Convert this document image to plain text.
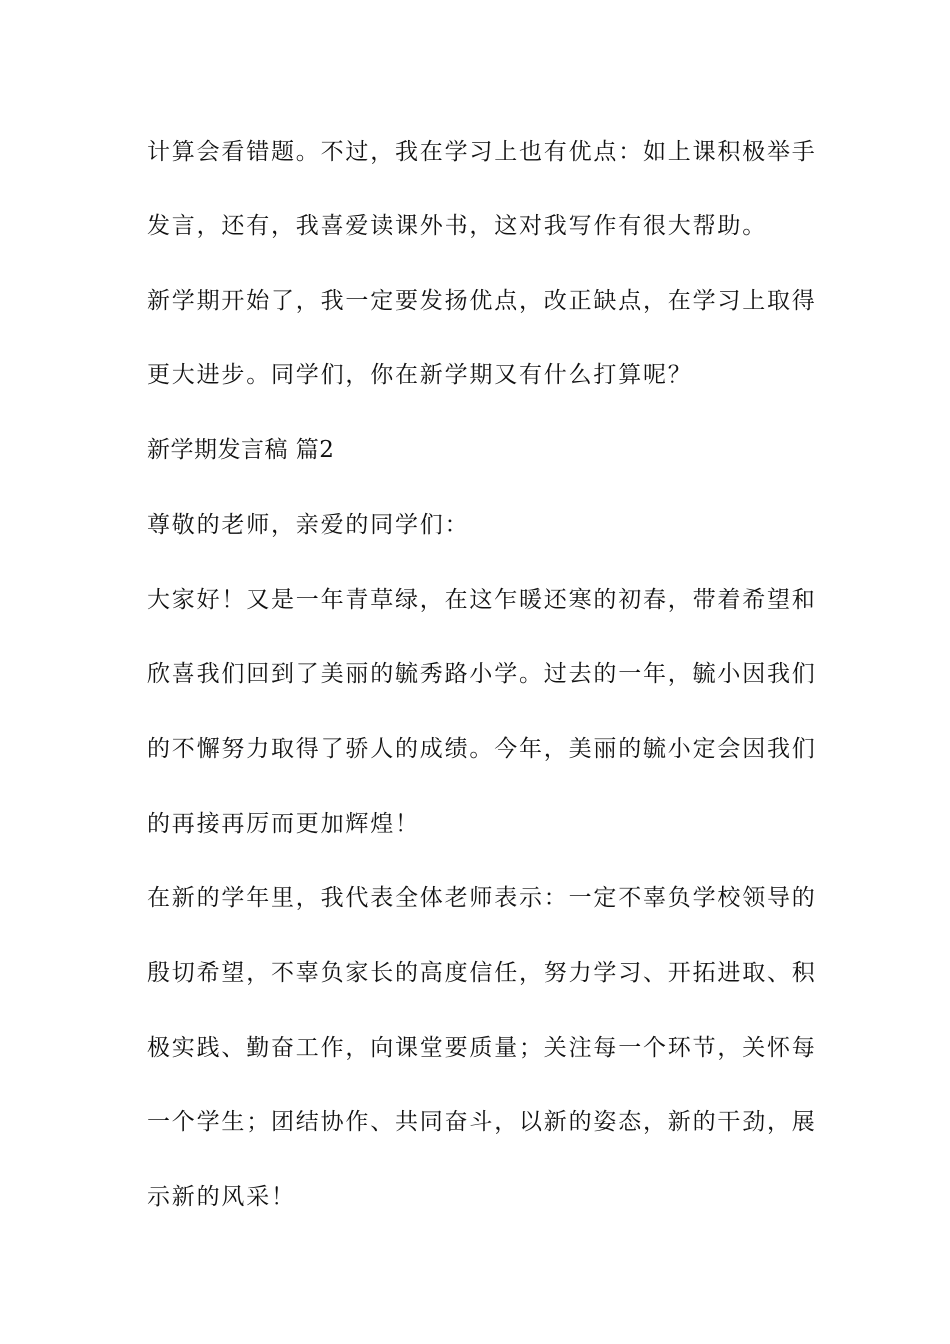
计算会看错题。不过，我在学习上也有优点：如上课积极举手
发言，还有，我喜爱读课外书，这对我写作有很大帮助。
新学期开始了，我一定要发扬优点，改正缺点，在学习上取得
更大进步。同学们，你在新学期又有什么打算呢？
新学期发言稿 篇2
尊敬的老师，亲爱的同学们：
大家好！又是一年青草绿，在这乍暖还寒的初春，带着希望和
欣喜我们回到了美丽的毓秀路小学。过去的一年，毓小因我们
的不懈努力取得了骄人的成绩。今年，美丽的毓小定会因我们
的再接再厉而更加辉煌！
在新的学年里，我代表全体老师表示：一定不辜负学校领导的
殷切希望，不辜负家长的高度信任，努力学习、开拓进取、积
极实践、勤奋工作，向课堂要质量；关注每一个环节，关怀每
一个学生；团结协作、共同奋斗，以新的姿态，新的干劲，展
示新的风采！
